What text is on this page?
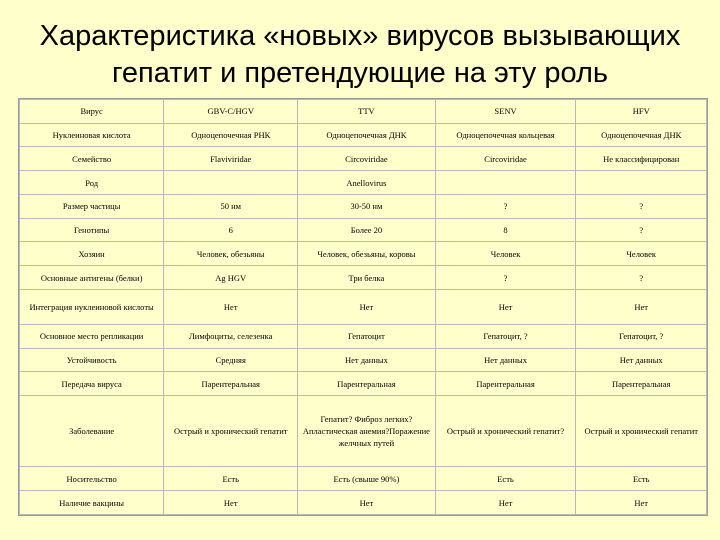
Характеристика «новых» вирусов вызывающих гепатит и претендующие на эту роль
Вирус	GBV-C/HGV	TTV	SENV	HFV
Нуклеиновая кислота	Одноцепочечная РНК	Одноцепочечная ДНК	Одноцепочечная кольцевая	Одноцепочечная ДНК
Семейство	Flaviviridae	Circoviridae	Circoviridae	Не классифицирован
Род		Anellovirus		
Размер частицы	50 нм	30-50 нм	?	?
Генотипы	6	Более 20	8	?
Хозяин	Человек, обезьяны	Человек, обезьяны, коровы	Человек	Человек
Основные антигены (белки)	Ag HGV	Три белка	?	?
Интеграция нуклеиновой кислоты	Нет	Нет	Нет	Нет
Основное место репликации	Лимфоциты, селезенка	Гепатоцит	Гепатоцит, ?	Гепатоцит, ?
Устойчивость	Средняя	Нет данных	Нет данных	Нет данных
Передача вируса	Парентеральная	Парентеральная	Парентеральная	Парентеральная
Заболевание	Острый и хронический гепатит	Гепатит? Фиброз легких?Апластическая анемия?Поражение желчных путей	Острый и хронический гепатит?	Острый и хронический гепатит
Носительство	Есть	Есть (свыше 90%)	Есть	Есть
Наличие вакцины	Нет	Нет	Нет	Нет
